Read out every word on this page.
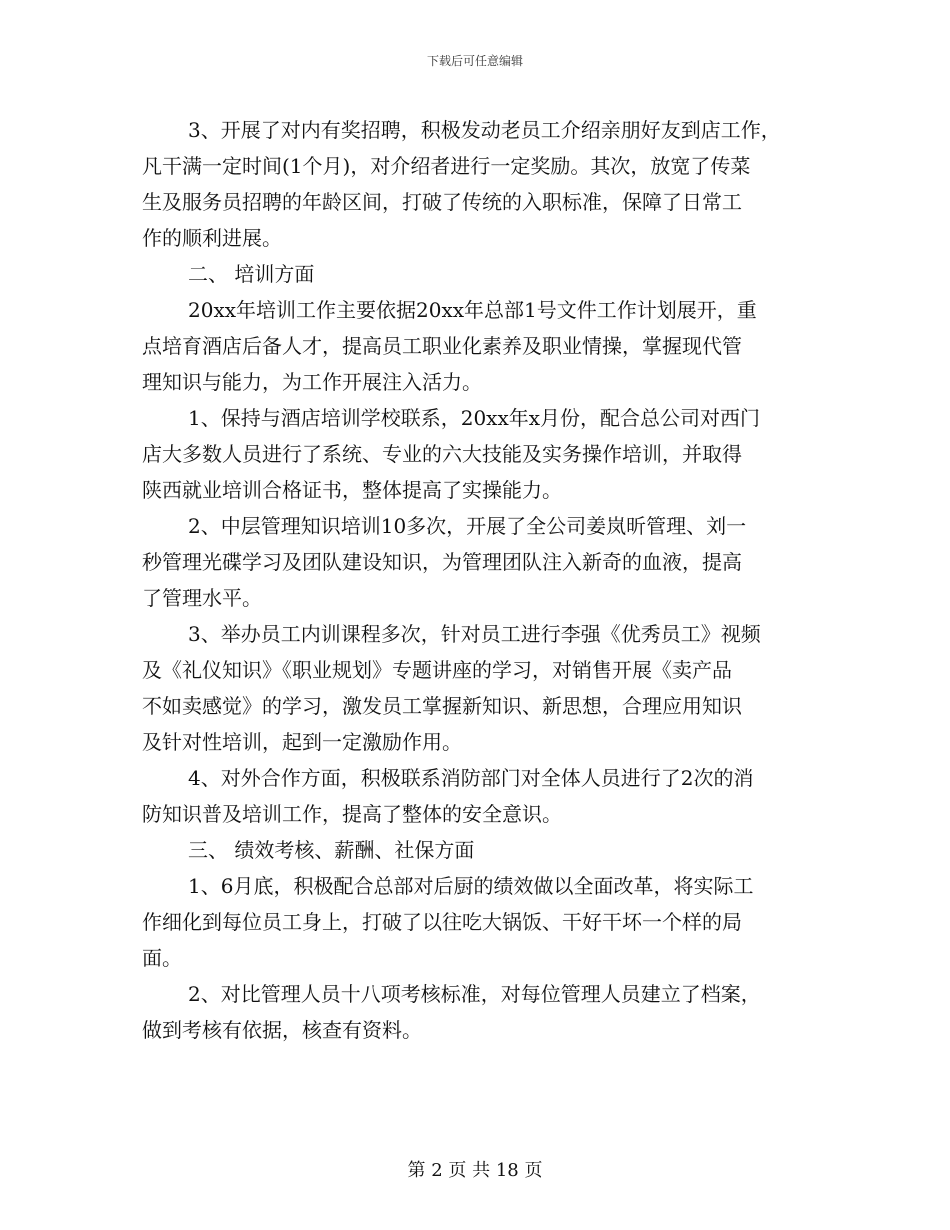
下载后可任意编辑
3、开展了对内有奖招聘，积极发动老员工介绍亲朋好友到店工作，
凡干满一定时间(1个月)，对介绍者进行一定奖励。其次，放宽了传菜
生及服务员招聘的年龄区间，打破了传统的入职标准，保障了日常工
作的顺利进展。
二、 培训方面
20xx年培训工作主要依据20xx年总部1号文件工作计划展开，重
点培育酒店后备人才，提高员工职业化素养及职业情操，掌握现代管
理知识与能力，为工作开展注入活力。
1、保持与酒店培训学校联系，20xx年x月份，配合总公司对西门
店大多数人员进行了系统、专业的六大技能及实务操作培训，并取得
陕西就业培训合格证书，整体提高了实操能力。
2、中层管理知识培训10多次，开展了全公司姜岚昕管理、刘一
秒管理光碟学习及团队建设知识，为管理团队注入新奇的血液，提高
了管理水平。
3、举办员工内训课程多次，针对员工进行李强《优秀员工》视频
及《礼仪知识》《职业规划》专题讲座的学习，对销售开展《卖产品
不如卖感觉》的学习，激发员工掌握新知识、新思想，合理应用知识
及针对性培训，起到一定激励作用。
4、对外合作方面，积极联系消防部门对全体人员进行了2次的消
防知识普及培训工作，提高了整体的安全意识。
三、 绩效考核、薪酬、社保方面
1、6月底，积极配合总部对后厨的绩效做以全面改革，将实际工
作细化到每位员工身上，打破了以往吃大锅饭、干好干坏一个样的局
面。
2、对比管理人员十八项考核标准，对每位管理人员建立了档案，
做到考核有依据，核查有资料。
第 2 页 共 18 页
